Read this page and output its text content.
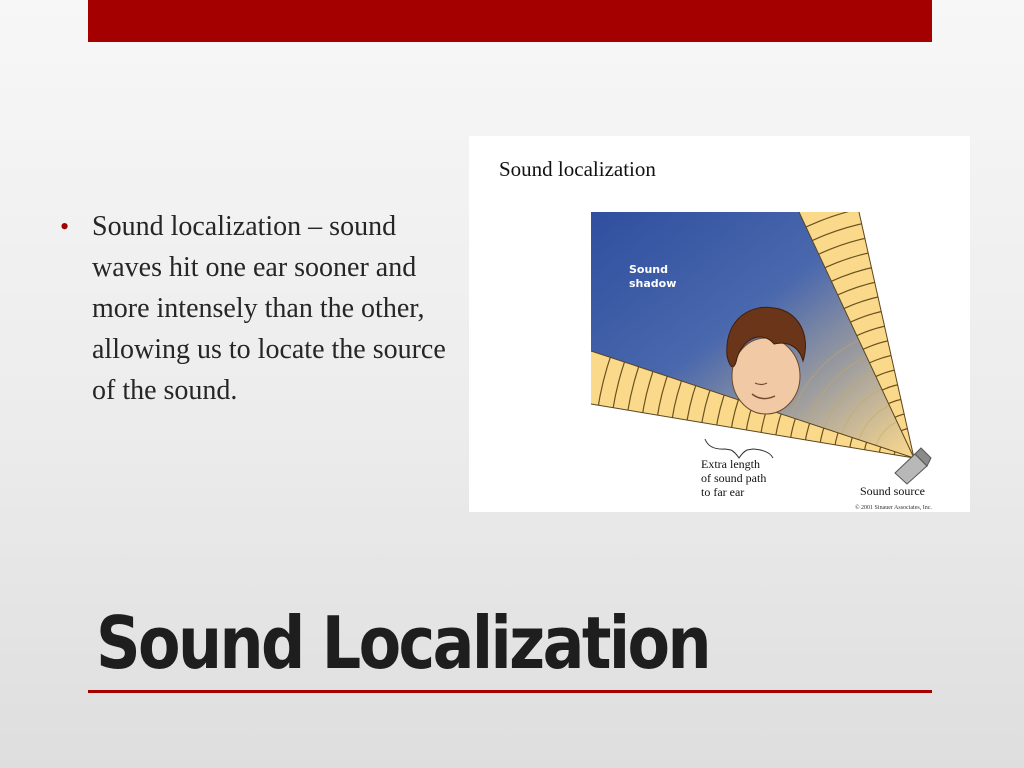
• Sound localization – sound waves hit one ear sooner and more intensely than the other, allowing us to locate the source of the sound.
Sound localization
Sound shadow
Extra length of sound path to far ear	Sound source
© 2001 Sinauer Associates, Inc.
Sound Localization
